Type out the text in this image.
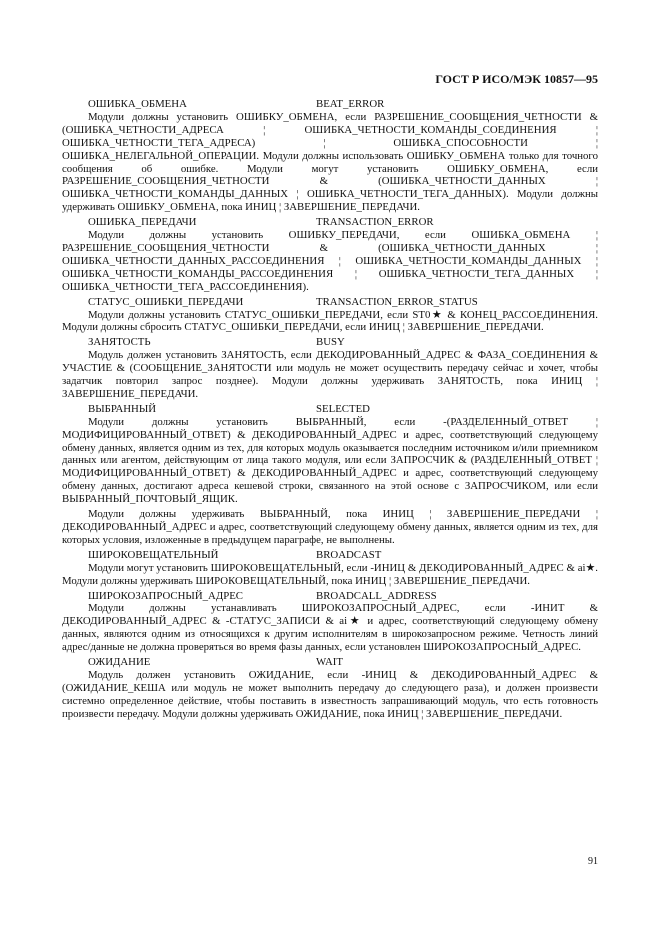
ГОСТ Р ИСО/МЭК 10857—95
ОШИБКА_ОБМЕНА	BEAT_ERROR

Модули должны установить ОШИБКУ_ОБМЕНА, если РАЗРЕШЕНИЕ_СООБЩЕНИЯ_ЧЕТНОСТИ & (ОШИБКА_ЧЕТНОСТИ_АДРЕСА ¦ ОШИБКА_ЧЕТНОСТИ_КОМАНДЫ_СОЕДИНЕНИЯ ¦ ОШИБКА_ЧЕТНОСТИ_ТЕГА_АДРЕСА) ¦ ОШИБКА_СПОСОБНОСТИ ¦ ОШИБКА_НЕЛЕГАЛЬНОЙ_ОПЕРАЦИИ. Модули должны использовать ОШИБКУ_ОБМЕНА только для точного сообщения об ошибке. Модули могут установить ОШИБКУ_ОБМЕНА, если РАЗРЕШЕНИЕ_СООБЩЕНИЯ_ЧЕТНОСТИ & (ОШИБКА_ЧЕТНОСТИ_ДАННЫХ ¦ ОШИБКА_ЧЕТНОСТИ_КОМАНДЫ_ДАННЫХ ¦ ОШИБКА_ЧЕТНОСТИ_ТЕГА_ДАННЫХ). Модули должны удерживать ОШИБКУ_ОБМЕНА, пока ИНИЦ ¦ ЗАВЕРШЕНИЕ_ПЕРЕДАЧИ.

ОШИБКА_ПЕРЕДАЧИ	TRANSACTION_ERROR

Модули должны установить ОШИБКУ_ПЕРЕДАЧИ, если ОШИБКА_ОБМЕНА ¦ РАЗРЕШЕНИЕ_СООБЩЕНИЯ_ЧЕТНОСТИ & (ОШИБКА_ЧЕТНОСТИ_ДАННЫХ ¦ ОШИБКА_ЧЕТНОСТИ_ДАННЫХ_РАССОЕДИНЕНИЯ ¦ ОШИБКА_ЧЕТНОСТИ_КОМАНДЫ_ДАННЫХ ¦ ОШИБКА_ЧЕТНОСТИ_КОМАНДЫ_РАССОЕДИНЕНИЯ ¦ ОШИБКА_ЧЕТНОСТИ_ТЕГА_ДАННЫХ ¦ ОШИБКА_ЧЕТНОСТИ_ТЕГА_РАССОЕДИНЕНИЯ).

СТАТУС_ОШИБКИ_ПЕРЕДАЧИ	TRANSACTION_ERROR_STATUS

Модули должны установить СТАТУС_ОШИБКИ_ПЕРЕДАЧИ, если ST0★ & КОНЕЦ_РАССОЕДИНЕНИЯ. Модули должны сбросить СТАТУС_ОШИБКИ_ПЕРЕДАЧИ, если ИНИЦ ¦ ЗАВЕРШЕНИЕ_ПЕРЕДАЧИ.

ЗАНЯТОСТЬ	BUSY

Модуль должен установить ЗАНЯТОСТЬ, если ДЕКОДИРОВАННЫЙ_АДРЕС & ФАЗА_СОЕДИНЕНИЯ & УЧАСТИЕ & (СООБЩЕНИЕ_ЗАНЯТОСТИ или модуль не может осуществить передачу сейчас и хочет, чтобы задатчик повторил запрос позднее). Модули должны удерживать ЗАНЯТОСТЬ, пока ИНИЦ ¦ ЗАВЕРШЕНИЕ_ПЕРЕДАЧИ.

ВЫБРАННЫЙ	SELECTED

Модули должны установить ВЫБРАННЫЙ, если -(РАЗДЕЛЕННЫЙ_ОТВЕТ ¦ МОДИФИЦИРОВАННЫЙ_ОТВЕТ) & ДЕКОДИРОВАННЫЙ_АДРЕС и адрес, соответствующий следующему обмену данных, является одним из тех, для которых модуль оказывается последним источником и/или приемником данных или агентом, действующим от лица такого модуля, или если ЗАПРОСЧИК & (РАЗДЕЛЕННЫЙ_ОТВЕТ ¦ МОДИФИЦИРОВАННЫЙ_ОТВЕТ) & ДЕКОДИРОВАННЫЙ_АДРЕС и адрес, соответствующий следующему обмену данных, достигают адреса кешевой строки, связанного на этой основе с ЗАПРОСЧИКОМ, или если ВЫБРАННЫЙ_ПОЧТОВЫЙ_ЯЩИК.

Модули должны удерживать ВЫБРАННЫЙ, пока ИНИЦ ¦ ЗАВЕРШЕНИЕ_ПЕРЕДАЧИ ¦ ДЕКОДИРОВАННЫЙ_АДРЕС и адрес, соответствующий следующему обмену данных, является одним из тех, для которых условия, изложенные в предыдущем параграфе, не выполнены.

ШИРОКОВЕЩАТЕЛЬНЫЙ	BROADCAST

Модули могут установить ШИРОКОВЕЩАТЕЛЬНЫЙ, если -ИНИЦ & ДЕКОДИРОВАННЫЙ_АДРЕС & ai★. Модули должны удерживать ШИРОКОВЕЩАТЕЛЬНЫЙ, пока ИНИЦ ¦ ЗАВЕРШЕНИЕ_ПЕРЕДАЧИ.

ШИРОКОЗАПРОСНЫЙ_АДРЕС	BROADCALL_ADDRESS

Модули должны устанавливать ШИРОКОЗАПРОСНЫЙ_АДРЕС, если -ИНИТ & ДЕКОДИРОВАННЫЙ_АДРЕС & -СТАТУС_ЗАПИСИ & ai★ и адрес, соответствующий следующему обмену данных, являются одним из относящихся к другим исполнителям в широкозапросном режиме. Четность линий адрес/данные не должна проверяться во время фазы данных, если установлен ШИРОКОЗАПРОСНЫЙ_АДРЕС.

ОЖИДАНИЕ	WAIT

Модуль должен установить ОЖИДАНИЕ, если -ИНИЦ & ДЕКОДИРОВАННЫЙ_АДРЕС & (ОЖИДАНИЕ_КЕША или модуль не может выполнить передачу до следующего раза), и должен произвести системно определенное действие, чтобы поставить в известность запрашивающий модуль, что есть готовность произвести передачу. Модули должны удерживать ОЖИДАНИЕ, пока ИНИЦ ¦ ЗАВЕРШЕНИЕ_ПЕРЕДАЧИ.

91
